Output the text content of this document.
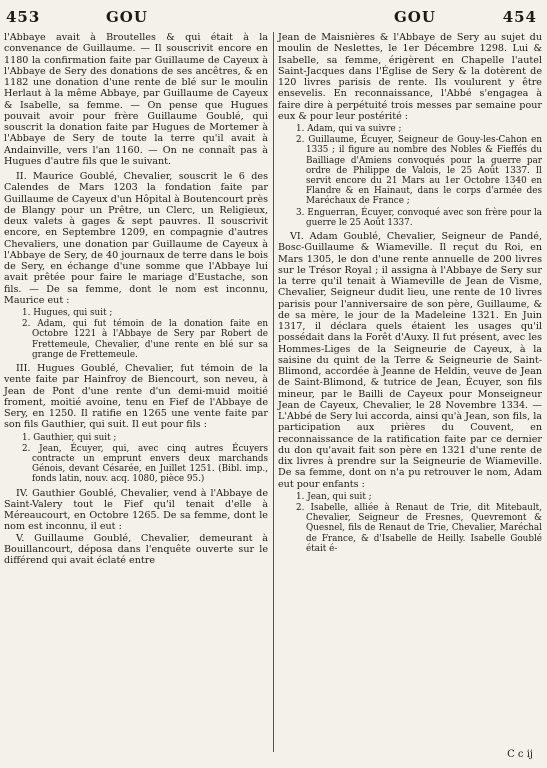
453	GOU	GOU	454

l'Abbaye avait à Broutelles & qui était à la convenance de Guillaume. — Il souscrivit encore en 1180 la confirmation faite par Guillaume de Cayeux à l'Abbaye de Sery des donations de ses ancêtres, & en 1182 une donation d'une rente de blé sur le moulin Herlaut à la même Abbaye, par Guillaume de Cayeux & Isabelle, sa femme. — On pense que Hugues pouvait avoir pour frère Guillaume Goublé, qui souscrit la donation faite par Hugues de Mortemer à l'Abbaye de Sery de toute la terre qu'il avait à Andainville, vers l'an 1160. — On ne connaît pas à Hugues d'autre fils que le suivant.

II. Maurice Goublé, Chevalier, souscrit le 6 des Calendes de Mars 1203 la fondation faite par Guillaume de Cayeux d'un Hôpital à Boutencourt près de Blangy pour un Prêtre, un Clerc, un Religieux, deux valets à gages & sept pauvres. Il souscrivit encore, en Septembre 1209, en compagnie d'autres Chevaliers, une donation par Guillaume de Cayeux à l'Abbaye de Sery, de 40 journaux de terre dans le bois de Sery, en échange d'une somme que l'Abbaye lui avait prêtée pour faire le mariage d'Eustache, son fils. — De sa femme, dont le nom est inconnu, Maurice eut :

1. Hugues, qui suit ;

2. Adam, qui fut témoin de la donation faite en Octobre 1221 à l'Abbaye de Sery par Robert de Frettemeule, Chevalier, d'une rente en blé sur sa grange de Frettemeule.

III. Hugues Goublé, Chevalier, fut témoin de la vente faite par Hainfroy de Biencourt, son neveu, à Jean de Pont d'une rente d'un demi-muid moitié froment, moitié avoine, tenu en Fief de l'Abbaye de Sery, en 1250. Il ratifie en 1265 une vente faite par son fils Gauthier, qui suit. Il eut pour fils :

1. Gauthier, qui suit ;

2. Jean, Écuyer, qui, avec cinq autres Écuyers contracte un emprunt envers deux marchands Génois, devant Césarée, en Juillet 1251. (Bibl. imp., fonds latin, nouv. acq. 1080, pièce 95.)

IV. Gauthier Goublé, Chevalier, vend à l'Abbaye de Saint-Valery tout le Fief qu'il tenait d'elle à Méreaucourt, en Octobre 1265. De sa femme, dont le nom est inconnu, il eut :

V. Guillaume Goublé, Chevalier, demeurant à Bouillancourt, déposa dans l'enquête ouverte sur le différend qui avait éclaté entre

Jean de Maisnières & l'Abbaye de Sery au sujet du moulin de Neslettes, le 1er Décembre 1298. Lui & Isabelle, sa femme, érigèrent en Chapelle l'autel Saint-Jacques dans l'Église de Sery & la dotèrent de 120 livres parisis de rente. Ils voulurent y être ensevelis. En reconnaissance, l'Abbé s'engagea à faire dire à perpétuité trois messes par semaine pour eux & pour leur postérité :

1. Adam, qui va suivre ;

2. Guillaume, Écuyer, Seigneur de Gouy-les-Cahon en 1335 ; il figure au nombre des Nobles & Fieffés du Bailliage d'Amiens convoqués pour la guerre par ordre de Philippe de Valois, le 25 Août 1337. Il servit encore du 21 Mars au 1er Octobre 1340 en Flandre & en Hainaut, dans le corps d'armée des Maréchaux de France ;

3. Enguerran, Écuyer, convoqué avec son frère pour la guerre le 25 Août 1337.

VI. Adam Goublé, Chevalier, Seigneur de Pandé, Bosc-Guillaume & Wiameville. Il reçut du Roi, en Mars 1305, le don d'une rente annuelle de 200 livres sur le Trésor Royal ; il assigna à l'Abbaye de Sery sur la terre qu'il tenait à Wiameville de Jean de Visme, Chevalier, Seigneur dudit lieu, une rente de 10 livres parisis pour l'anniversaire de son père, Guillaume, & de sa mère, le jour de la Madeleine 1321. En Juin 1317, il déclara quels étaient les usages qu'il possédait dans la Forêt d'Auxy. Il fut présent, avec les Hommes-Liges de la Seigneurie de Cayeux, à la saisine du quint de la Terre & Seigneurie de Saint-Blimond, accordée à Jeanne de Heldin, veuve de Jean de Saint-Blimond, & tutrice de Jean, Écuyer, son fils mineur, par le Bailli de Cayeux pour Monseigneur Jean de Cayeux, Chevalier, le 28 Novembre 1334. — L'Abbé de Sery lui accorda, ainsi qu'à Jean, son fils, la participation aux prières du Couvent, en reconnaissance de la ratification faite par ce dernier du don qu'avait fait son père en 1321 d'une rente de dix livres à prendre sur la Seigneurie de Wiameville. De sa femme, dont on n'a pu retrouver le nom, Adam eut pour enfants :

1. Jean, qui suit ;

2. Isabelle, alliée à Renaut de Trie, dit Mitebault, Chevalier, Seigneur de Fresnes, Quevremont & Quesnel, fils de Renaut de Trie, Chevalier, Maréchal de France, & d'Isabelle de Heilly. Isabelle Goublé était é-

C c ij
